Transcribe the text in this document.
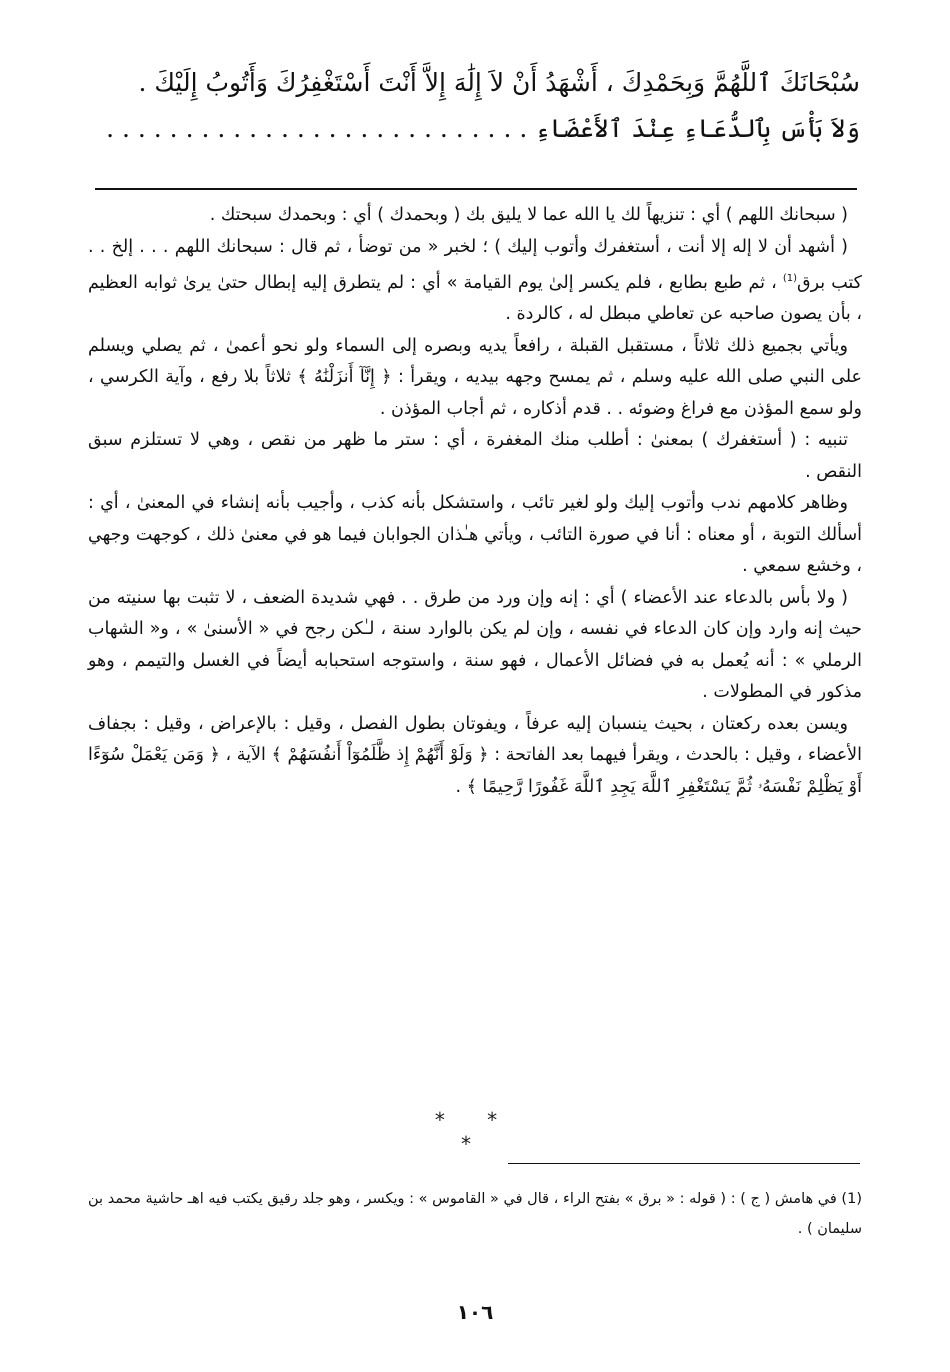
سُبْحَانَكَ ٱللَّهُمَّ وَبِحَمْدِكَ ، أَشْهَدُ أَنْ لاَ إِلَٰهَ إِلاَّ أَنْتَ أَسْتَغْفِرُكَ وَأَتُوبُ إِلَيْكَ .

وَلاَ بَأْسَ بِٱلدُّعَاءِ عِنْدَ ٱلأَعْضَاءِ . . . . . . . . . . . . . . . . . . . . . . . . . . .

( سبحانك اللهم ) أي : تنزيهاً لك يا الله عما لا يليق بك ( وبحمدك ) أي : وبحمدك سبحتك .

( أشهد أن لا إله إلا أنت ، أستغفرك وأتوب إليك ) ؛ لخبر « من توضأ ، ثم قال : سبحانك اللهم . . . إلخ . . كتب برق$^{(1)}$ ، ثم طبع بطابع ، فلم يكسر إلىٰ يوم القيامة » أي : لم يتطرق إليه إبطال حتىٰ يرىٰ ثوابه العظيم ، بأن يصون صاحبه عن تعاطي مبطل له ، كالردة .

ويأتي بجميع ذلك ثلاثاً ، مستقبل القبلة ، رافعاً يديه وبصره إلى السماء ولو نحو أعمىٰ ، ثم يصلي ويسلم على النبي صلى الله عليه وسلم ، ثم يمسح وجهه بيديه ، ويقرأ : ﴿ إِنَّآ أَنزَلْنَٰهُ ﴾ ثلاثاً بلا رفع ، وآية الكرسي ، ولو سمع المؤذن مع فراغ وضوئه . . قدم أذكاره ، ثم أجاب المؤذن .

تنبيه : ( أستغفرك ) بمعنىٰ : أطلب منك المغفرة ، أي : ستر ما ظهر من نقص ، وهي لا تستلزم سبق النقص .

وظاهر كلامهم ندب وأتوب إليك ولو لغير تائب ، واستشكل بأنه كذب ، وأجيب بأنه إنشاء في المعنىٰ ، أي : أسألك التوبة ، أو معناه : أنا في صورة التائب ، ويأتي هـٰذان الجوابان فيما هو في معنىٰ ذلك ، كوجهت وجهي ، وخشع سمعي .

( ولا بأس بالدعاء عند الأعضاء ) أي : إنه وإن ورد من طرق . . فهي شديدة الضعف ، لا تثبت بها سنيته من حيث إنه وارد وإن كان الدعاء في نفسه ، وإن لم يكن بالوارد سنة ، لـٰكن رجح في « الأسنىٰ » ، و« الشهاب الرملي » : أنه يُعمل به في فضائل الأعمال ، فهو سنة ، واستوجه استحبابه أيضاً في الغسل والتيمم ، وهو مذكور في المطولات .

ويسن بعده ركعتان ، بحيث ينسبان إليه عرفاً ، ويفوتان بطول الفصل ، وقيل : بالإعراض ، وقيل : بجفاف الأعضاء ، وقيل : بالحدث ، ويقرأ فيهما بعد الفاتحة : ﴿ وَلَوْ أَنَّهُمْ إِذ ظَّلَمُوٓاْ أَنفُسَهُمْ ﴾ الآية ، ﴿ وَمَن يَعْمَلْ سُوٓءًا أَوْ يَظْلِمْ نَفْسَهُۥ ثُمَّ يَسْتَغْفِرِ ٱللَّهَ يَجِدِ ٱللَّهَ غَفُورًا رَّحِيمًا ﴾ .

* * *

(1) في هامش ( ج ) : ( قوله : « برق » بفتح الراء ، قال في « القاموس » : ويكسر ، وهو جلد رقيق يكتب فيه اهـ حاشية محمد بن سليمان ) .

١٠٦
